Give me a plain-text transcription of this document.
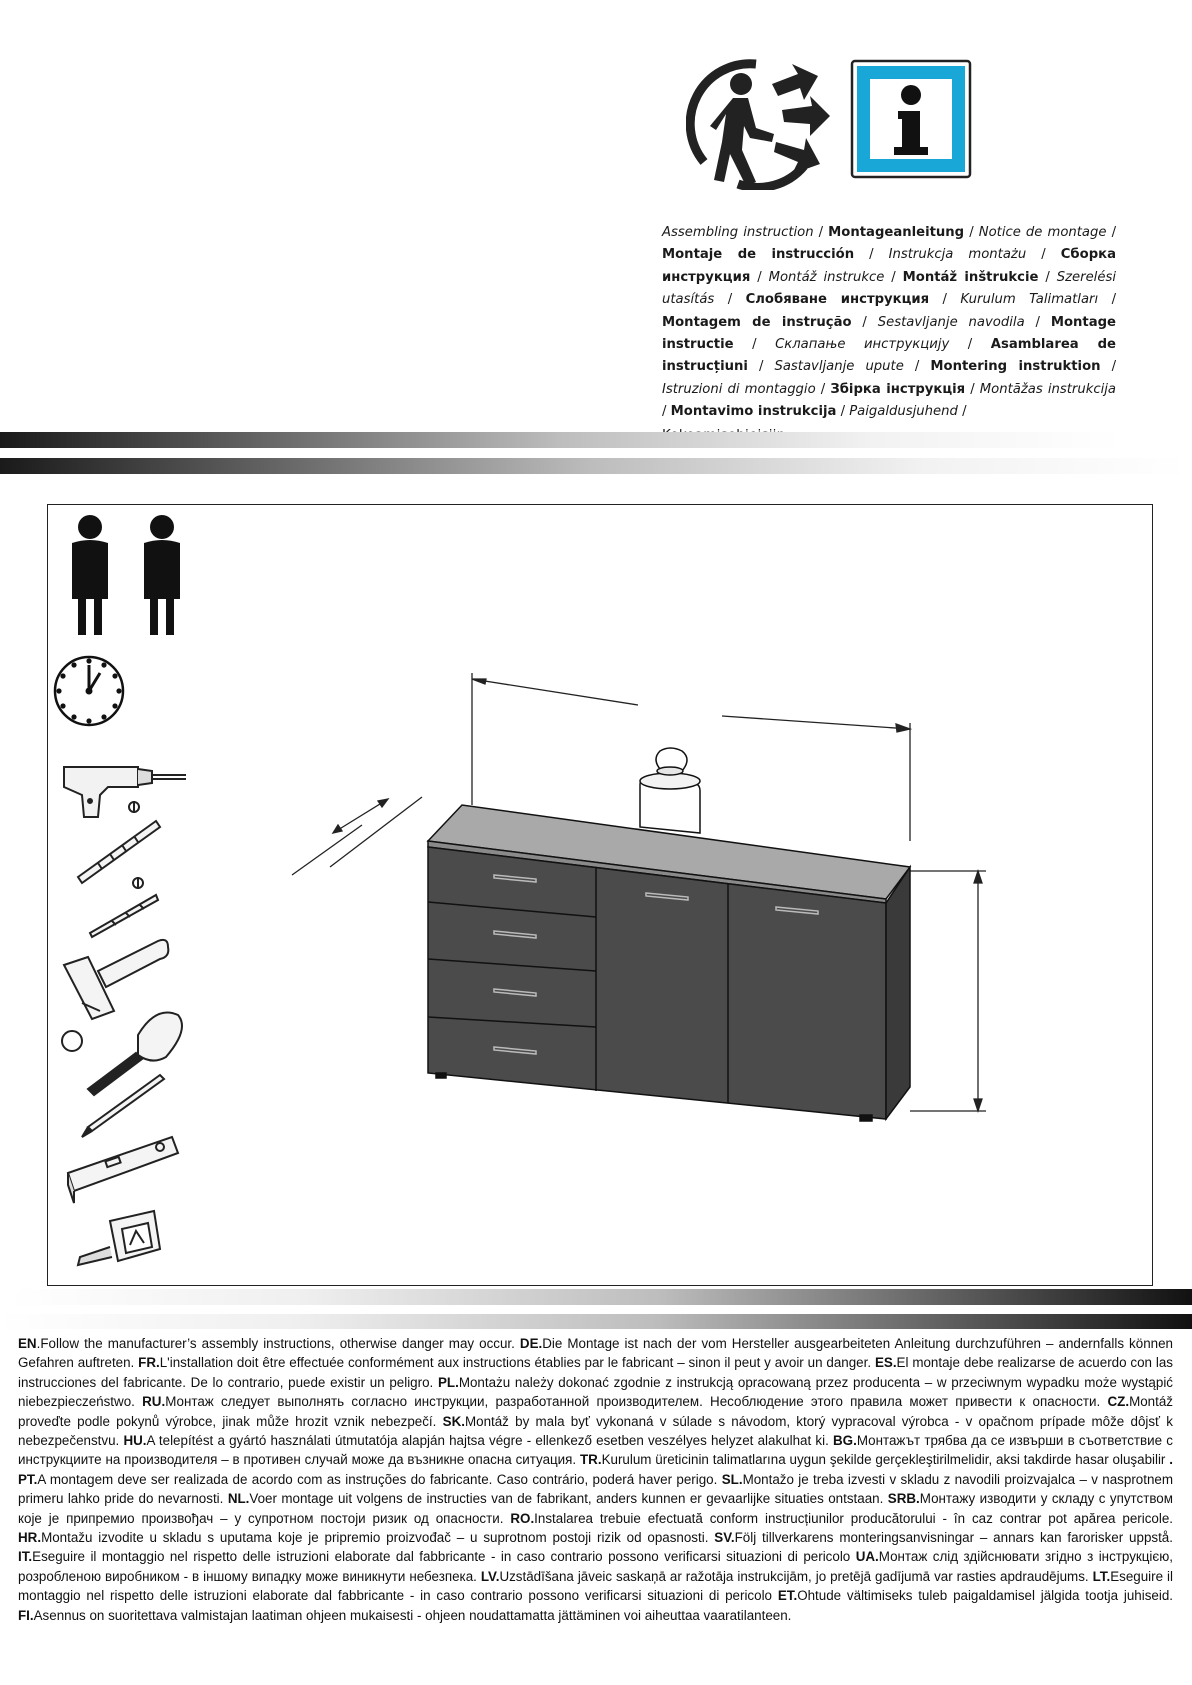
Assembling instruction / Montageanleitung / Notice de montage / Montaje de instrucción / Instrukcja montażu / Сборка инструкция / Montáž instrukce / Montáž inštrukcie / Szerelési utasítás / Слобяване инструкция / Kurulum Talimatları / Montagem de instrução / Sestavljanje navodila / Montage instructie / Склапање инструкцију / Asamblarea de instrucțiuni / Sastavljanje upute / Montering instruktion / Istruzioni di montaggio / Збірка інструкція / Montāžas instrukcija / Montavimo instrukcija / Paigaldusjuhend /

EN.Follow the manufacturer’s assembly instructions, otherwise danger may occur. DE.Die Montage ist nach der vom Hersteller ausgearbeiteten Anleitung durchzuführen – andernfalls können Gefahren auftreten. FR.L'installation doit être effectuée conformément aux instructions établies par le fabricant – sinon il peut y avoir un danger. ES.El montaje debe realizarse de acuerdo con las instrucciones del fabricante. De lo contrario, puede existir un peligro. PL.Montażu należy dokonać zgodnie z instrukcją opracowaną przez producenta – w przeciwnym wypadku może wystąpić niebezpieczeństwo. RU.Монтаж следует выполнять согласно инструкции, разработанной производителем. Несоблюдение этого правила может привести к опасности. CZ.Montáž proveďte podle pokynů výrobce, jinak může hrozit vznik nebezpečí. SK.Montáž by mala byť vykonaná v súlade s návodom, ktorý vypracoval výrobca - v opačnom prípade môže dôjsť k nebezpečenstvu. HU.A telepítést a gyártó használati útmutatója alapján hajtsa végre - ellenkező esetben veszélyes helyzet alakulhat ki. BG.Монтажът трябва да се извърши в съответствие с инструкциите на производителя – в противен случай може да възникне опасна ситуация. TR.Kurulum üreticinin talimatlarına uygun şekilde gerçekleştirilmelidir, aksi takdirde hasar oluşabilir . PT.A montagem deve ser realizada de acordo com as instruções do fabricante. Caso contrário, poderá haver perigo. SL.Montažo je treba izvesti v skladu z navodili proizvajalca – v nasprotnem primeru lahko pride do nevarnosti. NL.Voer montage uit volgens de instructies van de fabrikant, anders kunnen er gevaarlijke situaties ontstaan. SRB.Монтажу изводити у складу с упутством које је припремио произвођач – у супротном постоји ризик од опасности. RO.Instalarea trebuie efectuată conform instrucțiunilor producătorului - în caz contrar pot apărea pericole. HR.Montažu izvodite u skladu s uputama koje je pripremio proizvođač – u suprotnom postoji rizik od opasnosti. SV.Följ tillverkarens monteringsanvisningar – annars kan farorisker uppstå. IT.Eseguire il montaggio nel rispetto delle istruzioni elaborate dal fabbricante - in caso contrario possono verificarsi situazioni di pericolo UA.Монтаж слід здійснювати згідно з інструкцією, розробленою виробником - в іншому випадку може виникнути небезпека. LV.Uzstādīšana jāveic saskaņā ar ražotāja instrukcijām, jo pretējā gadījumā var rasties apdraudējums. LT.Eseguire il montaggio nel rispetto delle istruzioni elaborate dal fabbricante - in caso contrario possono verificarsi situazioni di pericolo ET.Ohtude vältimiseks tuleb paigaldamisel jälgida tootja juhiseid. FI.Asennus on suoritettava valmistajan laatiman ohjeen mukaisesti - ohjeen noudattamatta jättäminen voi aiheuttaa vaaratilanteen.
